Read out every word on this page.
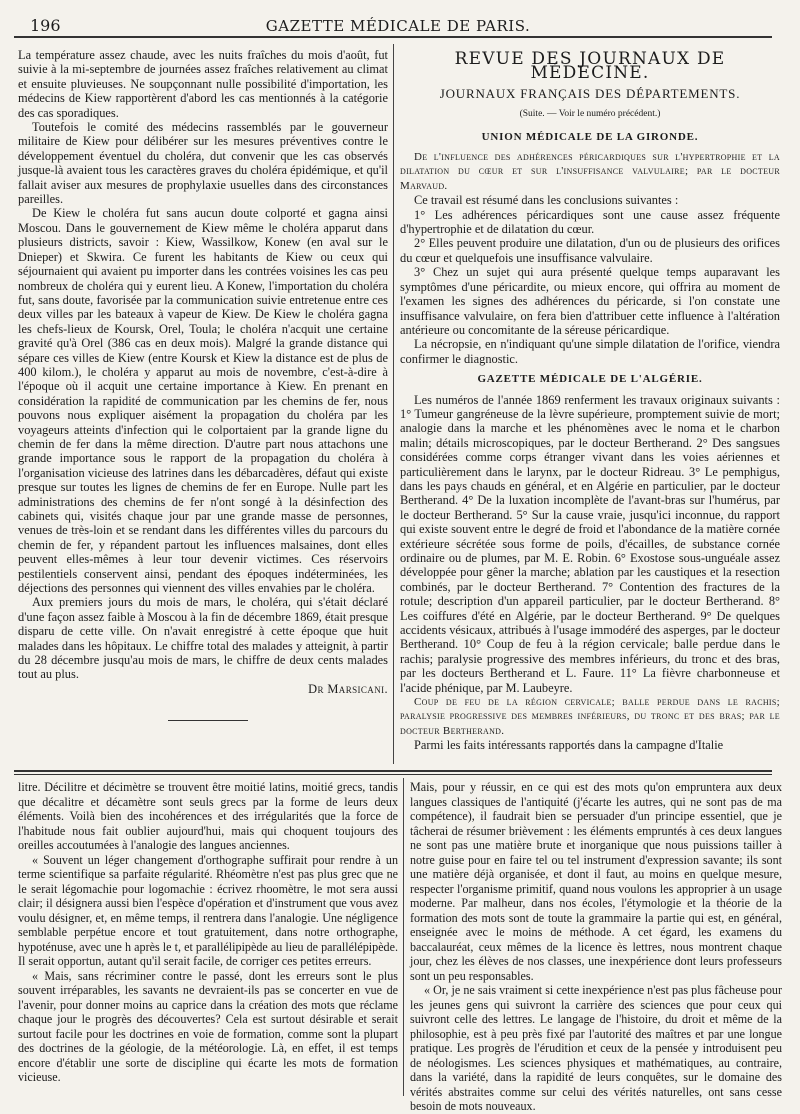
196	GAZETTE MÉDICALE DE PARIS.

La température assez chaude, avec les nuits fraîches du mois d'août, fut suivie à la mi-septembre de journées assez fraîches relativement au climat et ensuite pluvieuses. Ne soupçonnant nulle possibilité d'importation, les médecins de Kiew rapportèrent d'abord les cas mentionnés à la catégorie des cas sporadiques.

Toutefois le comité des médecins rassemblés par le gouverneur militaire de Kiew pour délibérer sur les mesures préventives contre le développement éventuel du choléra, dut convenir que les cas observés jusque-là avaient tous les caractères graves du choléra épidémique, et qu'il fallait aviser aux mesures de prophylaxie usuelles dans des circonstances pareilles.

De Kiew le choléra fut sans aucun doute colporté et gagna ainsi Moscou. Dans le gouvernement de Kiew même le choléra apparut dans plusieurs districts, savoir : Kiew, Wassilkow, Konew (en aval sur le Dnieper) et Skwira. Ce furent les habitants de Kiew ou ceux qui séjournaient qui avaient pu importer dans les contrées voisines les cas peu nombreux de choléra qui y eurent lieu. A Konew, l'importation du choléra fut, sans doute, favorisée par la communication suivie entretenue entre ces deux villes par les bateaux à vapeur de Kiew. De Kiew le choléra gagna les chefs-lieux de Koursk, Orel, Toula; le choléra n'acquit une certaine gravité qu'à Orel (386 cas en deux mois). Malgré la grande distance qui sépare ces villes de Kiew (entre Koursk et Kiew la distance est de plus de 400 kilom.), le choléra y apparut au mois de novembre, c'est-à-dire à l'époque où il acquit une certaine importance à Kiew. En prenant en considération la rapidité de communication par les chemins de fer, nous pouvons nous expliquer aisément la propagation du choléra par les voyageurs atteints d'infection qui le colportaient par la grande ligne du chemin de fer dans la même direction. D'autre part nous attachons une grande importance sous le rapport de la propagation du choléra à l'organisation vicieuse des latrines dans les débarcadères, défaut qui existe presque sur toutes les lignes de chemins de fer en Europe. Nulle part les administrations des chemins de fer n'ont songé à la désinfection des cabinets qui, visités chaque jour par une grande masse de personnes, venues de très-loin et se rendant dans les différentes villes du parcours du chemin de fer, y répandent partout les influences malsaines, dont elles peuvent elles-mêmes à leur tour devenir victimes. Ces réservoirs pestilentiels conservent ainsi, pendant des époques indéterminées, les déjections des personnes qui viennent des villes envahies par le choléra.

Aux premiers jours du mois de mars, le choléra, qui s'était déclaré d'une façon assez faible à Moscou à la fin de décembre 1869, était presque disparu de cette ville. On n'avait enregistré à cette époque que huit malades dans les hôpitaux. Le chiffre total des malades y atteignit, à partir du 28 décembre jusqu'au mois de mars, le chiffre de deux cents malades tout au plus.

Dr Marsicani.

REVUE DES JOURNAUX DE MÉDECINE.
JOURNAUX FRANÇAIS DES DÉPARTEMENTS.
(Suite. — Voir le numéro précédent.)
UNION MÉDICALE DE LA GIRONDE.

De l'influence des adhérences péricardiques sur l'hypertrophie et la dilatation du cœur et sur l'insuffisance valvulaire; par le docteur Marvaud.

Ce travail est résumé dans les conclusions suivantes :

1° Les adhérences péricardiques sont une cause assez fréquente d'hypertrophie et de dilatation du cœur.

2° Elles peuvent produire une dilatation, d'un ou de plusieurs des orifices du cœur et quelquefois une insuffisance valvulaire.

3° Chez un sujet qui aura présenté quelque temps auparavant les symptômes d'une péricardite, ou mieux encore, qui offrira au moment de l'examen les signes des adhérences du péricarde, si l'on constate une insuffisance valvulaire, on fera bien d'attribuer cette influence à l'altération antérieure ou concomitante de la séreuse péricardique.

La nécropsie, en n'indiquant qu'une simple dilatation de l'orifice, viendra confirmer le diagnostic.

GAZETTE MÉDICALE DE L'ALGÉRIE.

Les numéros de l'année 1869 renferment les travaux originaux suivants : 1° Tumeur gangréneuse de la lèvre supérieure, promptement suivie de mort; analogie dans la marche et les phénomènes avec le noma et le charbon malin; détails microscopiques, par le docteur Bertherand. 2° Des sangsues considérées comme corps étranger vivant dans les voies aériennes et particulièrement dans le larynx, par le docteur Ridreau. 3° Le pemphigus, dans les pays chauds en général, et en Algérie en particulier, par le docteur Bertherand. 4° De la luxation incomplète de l'avant-bras sur l'humérus, par le docteur Bertherand. 5° Sur la cause vraie, jusqu'ici inconnue, du rapport qui existe souvent entre le degré de froid et l'abondance de la matière cornée extérieure sécrétée sous forme de poils, d'écailles, de substance cornée ordinaire ou de plumes, par M. E. Robin. 6° Exostose sous-unguéale assez développée pour gêner la marche; ablation par les caustiques et la resection combinés, par le docteur Bertherand. 7° Contention des fractures de la rotule; description d'un appareil particulier, par le docteur Bertherand. 8° Les coiffures d'été en Algérie, par le docteur Bertherand. 9° De quelques accidents vésicaux, attribués à l'usage immodéré des asperges, par le docteur Bertherand. 10° Coup de feu à la région cervicale; balle perdue dans le rachis; paralysie progressive des membres inférieurs, du tronc et des bras, par les docteurs Bertherand et L. Faure. 11° La fièvre charbonneuse et l'acide phénique, par M. Laubeyre.

Coup de feu de la région cervicale; balle perdue dans le rachis; paralysie progressive des membres inférieurs, du tronc et des bras; par le docteur Bertherand.

Parmi les faits intéressants rapportés dans la campagne d'Italie

litre. Décilitre et décimètre se trouvent être moitié latins, moitié grecs, tandis que décalitre et décamètre sont seuls grecs par la forme de leurs deux éléments. Voilà bien des incohérences et des irrégularités que la force de l'habitude nous fait oublier aujourd'hui, mais qui choquent toujours des oreilles accoutumées à l'analogie des langues anciennes.

« Souvent un léger changement d'orthographe suffirait pour rendre à un terme scientifique sa parfaite régularité. Rhéomètre n'est pas plus grec que ne le serait légomachie pour logomachie : écrivez rhoomètre, le mot sera aussi clair; il désignera aussi bien l'espèce d'opération et d'instrument que vous avez voulu désigner, et, en même temps, il rentrera dans l'analogie. Une négligence semblable perpétue encore et tout gratuitement, dans notre orthographe, hypoténuse, avec une h après le t, et parallélipipède au lieu de parallélépipède. Il serait opportun, autant qu'il serait facile, de corriger ces petites erreurs.

« Mais, sans récriminer contre le passé, dont les erreurs sont le plus souvent irréparables, les savants ne devraient-ils pas se concerter en vue de l'avenir, pour donner moins au caprice dans la création des mots que réclame chaque jour le progrès des découvertes? Cela est surtout désirable et serait surtout facile pour les doctrines en voie de formation, comme sont la plupart des doctrines de la géologie, de la météorologie. Là, en effet, il est temps encore d'établir une sorte de discipline qui écarte les mots de formation vicieuse.

Mais, pour y réussir, en ce qui est des mots qu'on emprunterа aux deux langues classiques de l'antiquité (j'écarte les autres, qui ne sont pas de ma compétence), il faudrait bien se persuader d'un principe essentiel, que je tâcherai de résumer brièvement : les éléments empruntés à ces deux langues ne sont pas une matière brute et inorganique que nous puissions tailler à notre guise pour en faire tel ou tel instrument d'expression savante; ils sont une matière déjà organisée, et dont il faut, au moins en quelque mesure, respecter l'organisme primitif, quand nous voulons les approprier à un usage moderne. Par malheur, dans nos écoles, l'étymologie et la théorie de la formation des mots sont de toute la grammaire la partie qui est, en général, enseignée avec le moins de méthode. A cet égard, les examens du baccalauréat, ceux mêmes de la licence ès lettres, nous montrent chaque jour, chez les élèves de nos classes, une inexpérience dont leurs professeurs sont un peu responsables.

« Or, je ne sais vraiment si cette inexpérience n'est pas plus fâcheuse pour les jeunes gens qui suivront la carrière des sciences que pour ceux qui suivront celle des lettres. Le langage de l'histoire, du droit et même de la philosophie, est à peu près fixé par l'autorité des maîtres et par une longue pratique. Les progrès de l'érudition et ceux de la pensée y introduisent peu de néologismes. Les sciences physiques et mathématiques, au contraire, dans la variété, dans la rapidité de leurs conquêtes, sur le domaine des vérités abstraites comme sur celui des vérités naturelles, ont sans cesse besoin de mots nouveaux.
